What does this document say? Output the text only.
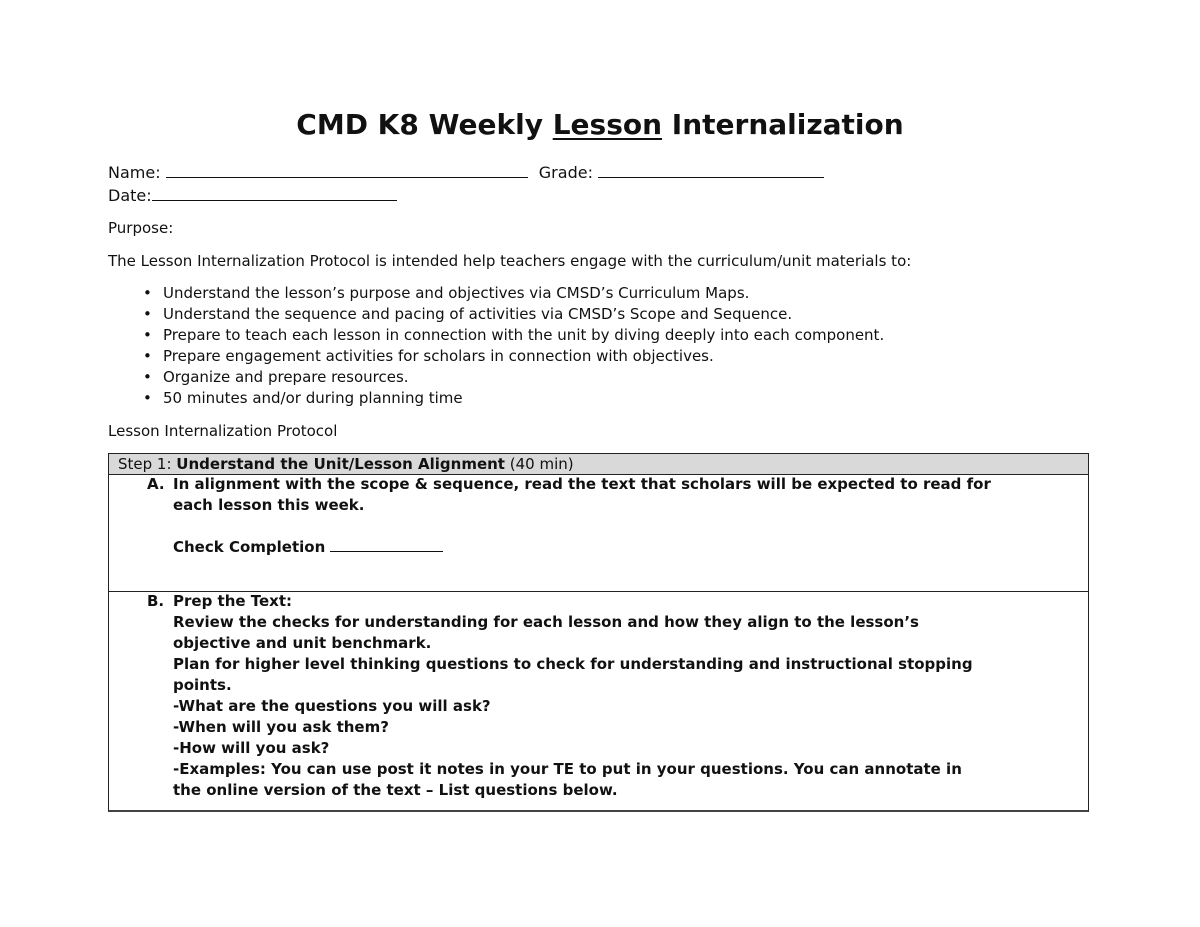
CMD K8 Weekly Lesson Internalization
Name:	Grade:
Date:
Purpose:
The Lesson Internalization Protocol is intended help teachers engage with the curriculum/unit materials to:
• Understand the lesson’s purpose and objectives via CMSD’s Curriculum Maps.
• Understand the sequence and pacing of activities via CMSD’s Scope and Sequence.
• Prepare to teach each lesson in connection with the unit by diving deeply into each component.
• Prepare engagement activities for scholars in connection with objectives.
• Organize and prepare resources.
• 50 minutes and/or during planning time
Lesson Internalization Protocol
Step 1: Understand the Unit/Lesson Alignment (40 min)
A. In alignment with the scope & sequence, read the text that scholars will be expected to read for
each lesson this week.
Check Completion
B. Prep the Text:
Review the checks for understanding for each lesson and how they align to the lesson’s
objective and unit benchmark.
Plan for higher level thinking questions to check for understanding and instructional stopping
points.
-What are the questions you will ask?
-When will you ask them?
-How will you ask?
-Examples: You can use post it notes in your TE to put in your questions. You can annotate in
the online version of the text – List questions below.
